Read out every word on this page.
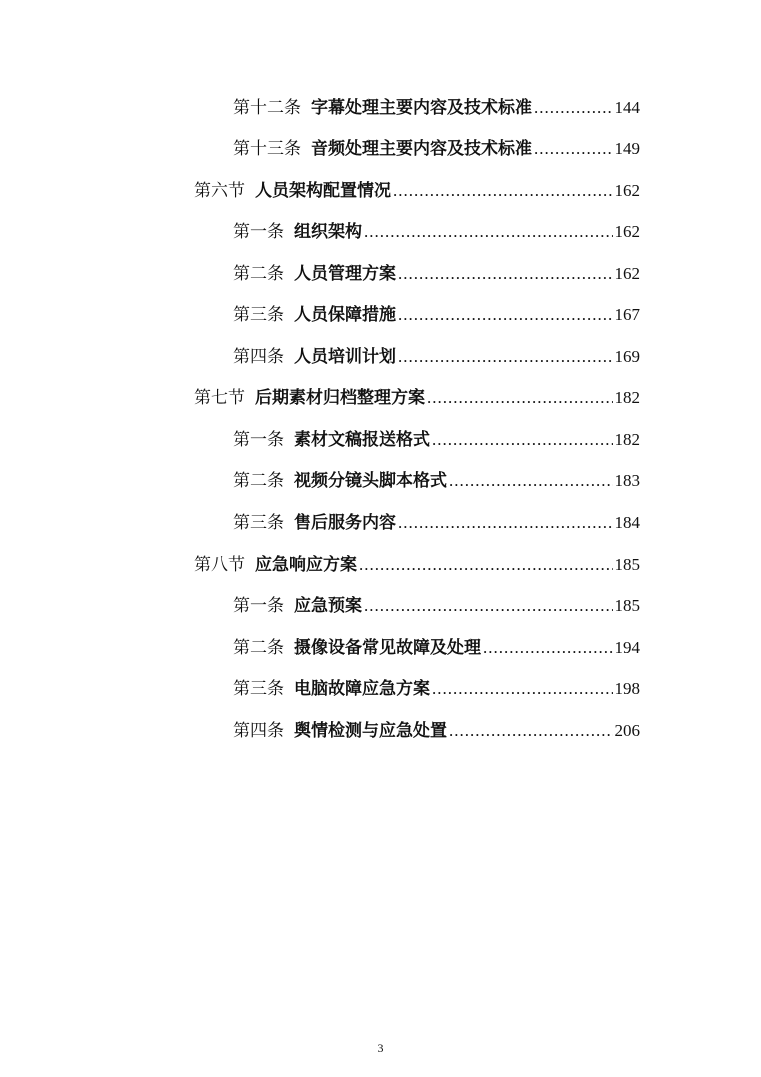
第十二条 字幕处理主要内容及技术标准 .....	144
第十三条 音频处理主要内容及技术标准 .....	149
第六节 人员架构配置情况 .....	162
第一条 组织架构 .....	162
第二条 人员管理方案 .....	162
第三条 人员保障措施 .....	167
第四条 人员培训计划 .....	169
第七节 后期素材归档整理方案 .....	182
第一条 素材文稿报送格式 .....	182
第二条 视频分镜头脚本格式 .....	183
第三条 售后服务内容 .....	184
第八节 应急响应方案 .....	185
第一条 应急预案 .....	185
第二条 摄像设备常见故障及处理 .....	194
第三条 电脑故障应急方案 .....	198
第四条 舆情检测与应急处置 .....	206
3
